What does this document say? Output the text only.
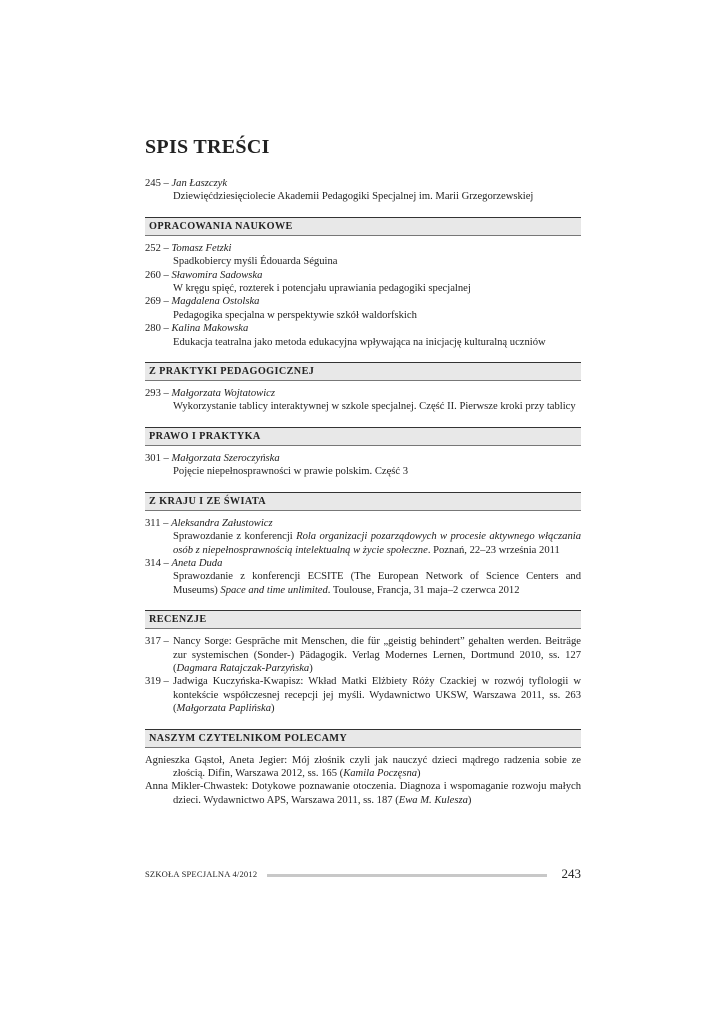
SPIS TREŚCI
245 – Jan Łaszczyk
Dziewięćdziesięciolecie Akademii Pedagogiki Specjalnej im. Marii Grzegorzewskiej
OPRACOWANIA NAUKOWE
252 – Tomasz Fetzki
Spadkobiercy myśli Édouarda Séguina
260 – Sławomira Sadowska
W kręgu spięć, rozterek i potencjału uprawiania pedagogiki specjalnej
269 – Magdalena Ostolska
Pedagogika specjalna w perspektywie szkół waldorfskich
280 – Kalina Makowska
Edukacja teatralna jako metoda edukacyjna wpływająca na inicjację kulturalną uczniów
Z PRAKTYKI PEDAGOGICZNEJ
293 – Małgorzata Wojtatowicz
Wykorzystanie tablicy interaktywnej w szkole specjalnej. Część II. Pierwsze kroki przy tablicy
PRAWO I PRAKTYKA
301 – Małgorzata Szeroczyńska
Pojęcie niepełnosprawności w prawie polskim. Część 3
Z KRAJU I ZE ŚWIATA
311 – Aleksandra Załustowicz
Sprawozdanie z konferencji Rola organizacji pozarządowych w procesie aktywnego włączania osób z niepełnosprawnością intelektualną w życie społeczne. Poznań, 22–23 września 2011
314 – Aneta Duda
Sprawozdanie z konferencji ECSITE (The European Network of Science Centers and Museums) Space and time unlimited. Toulouse, Francja, 31 maja–2 czerwca 2012
RECENZJE
317 – Nancy Sorge: Gespräche mit Menschen, die für „geistig behindert” gehalten werden. Beiträge zur systemischen (Sonder-) Pädagogik. Verlag Modernes Lernen, Dortmund 2010, ss. 127 (Dagmara Ratajczak-Parzyńska)
319 – Jadwiga Kuczyńska-Kwapisz: Wkład Matki Elżbiety Róży Czackiej w rozwój tyflologii w kontekście współczesnej recepcji jej myśli. Wydawnictwo UKSW, Warszawa 2011, ss. 263 (Małgorzata Paplińska)
NASZYM CZYTELNIKOM POLECAMY
Agnieszka Gąstoł, Aneta Jegier: Mój złośnik czyli jak nauczyć dzieci mądrego radzenia sobie ze złością. Difin, Warszawa 2012, ss. 165 (Kamila Poczęsna)
Anna Mikler-Chwastek: Dotykowe poznawanie otoczenia. Diagnoza i wspomaganie rozwoju małych dzieci. Wydawnictwo APS, Warszawa 2011, ss. 187 (Ewa M. Kulesza)
SZKOŁA SPECJALNA 4/2012	243
